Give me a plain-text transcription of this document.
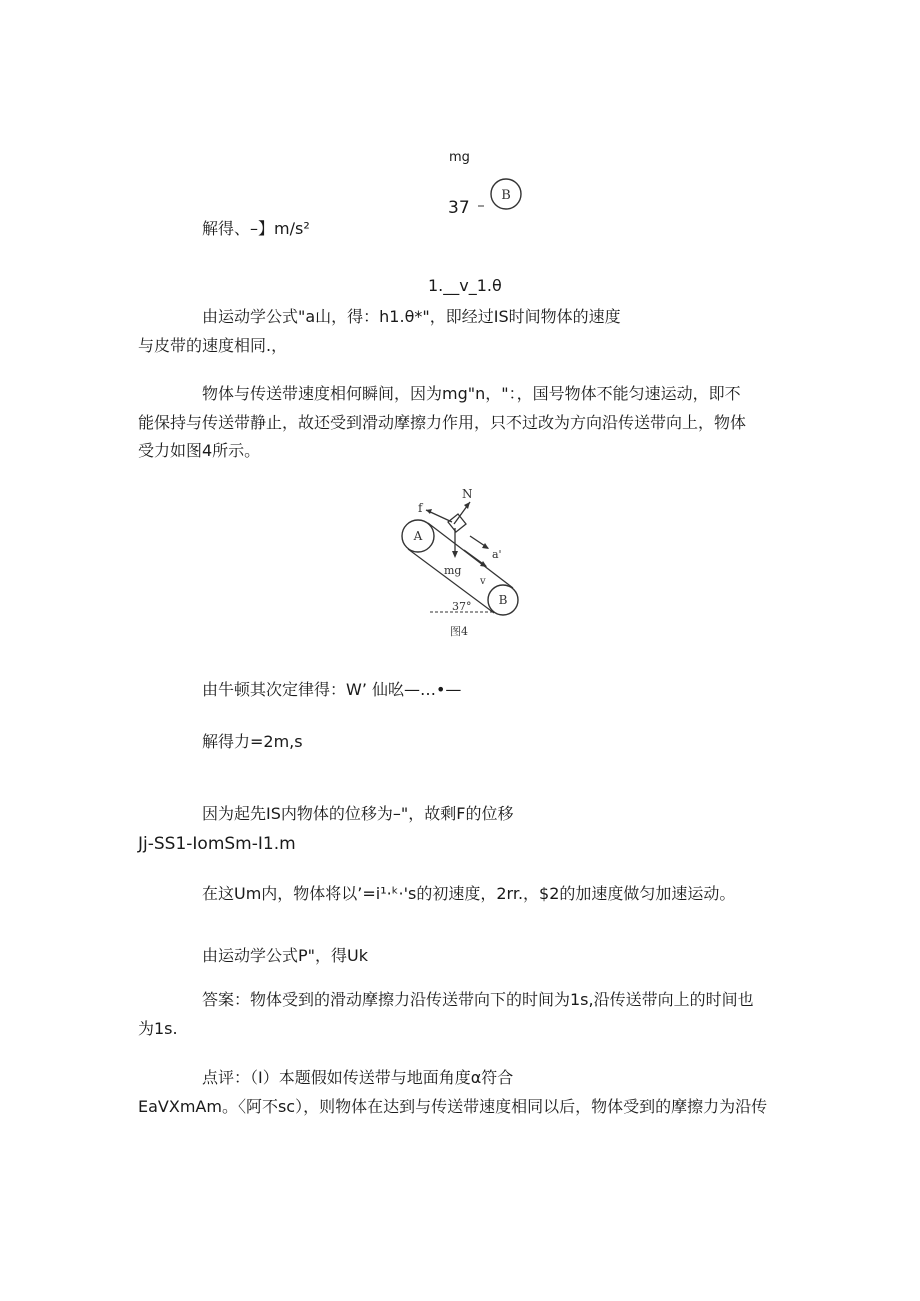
mg
37
B
解得、–】m∕s²
1.__v_1.θ
由运动学公式"a山，得：h1.θ*"，即经过IS时间物体的速度
与皮带的速度相同.，
物体与传送带速度相何瞬间，因为mg"n，"：，国号物体不能匀速运动，即不
能保持与传送带静止，故还受到滑动摩擦力作用，只不过改为方向沿传送带向上，物体
受力如图4所示。
f
N
A
a'
mg
v
B
37°
图4
由牛顿其次定律得：W’ 仙吆—…•—
解得力=2m,s
因为起先IS内物体的位移为–"，故剩F的位移
Jj-SS1-IomSm-I1.m
在这Um内，物体将以’=i¹·ᵏ·'s的初速度，2rr.，$2的加速度做匀加速运动。
由运动学公式P"，得Uk
答案：物体受到的滑动摩擦力沿传送带向下的时间为1s,沿传送带向上的时间也
为1s.
点评：（I）本题假如传送带与地面角度α符合
EaVXmAm。〈阿不sc），则物体在达到与传送带速度相同以后，物体受到的摩擦力为沿传
